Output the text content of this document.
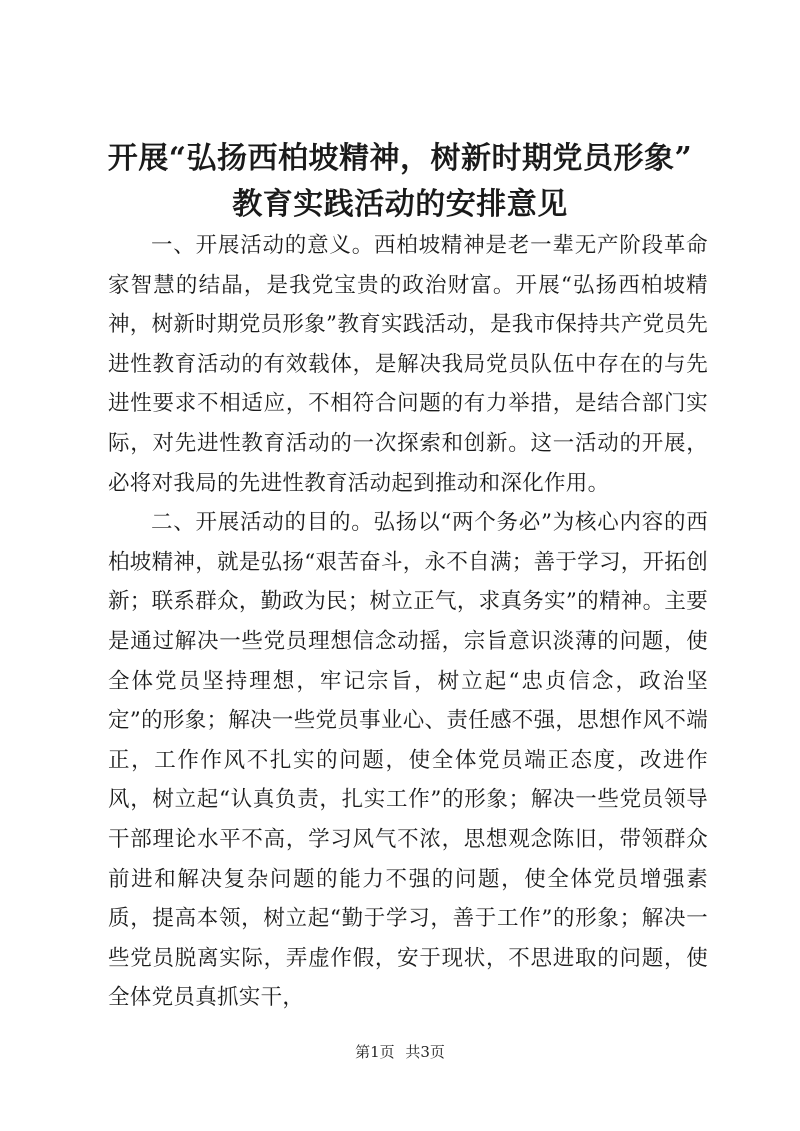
开展“弘扬西柏坡精神，树新时期党员形象”
教育实践活动的安排意见

一、开展活动的意义。西柏坡精神是老一辈无产阶段革命家智慧的结晶，是我党宝贵的政治财富。开展“弘扬西柏坡精神，树新时期党员形象”教育实践活动，是我市保持共产党员先进性教育活动的有效载体，是解决我局党员队伍中存在的与先进性要求不相适应，不相符合问题的有力举措，是结合部门实际，对先进性教育活动的一次探索和创新。这一活动的开展，必将对我局的先进性教育活动起到推动和深化作用。

二、开展活动的目的。弘扬以“两个务必”为核心内容的西柏坡精神，就是弘扬“艰苦奋斗，永不自满；善于学习，开拓创新；联系群众，勤政为民；树立正气，求真务实”的精神。主要是通过解决一些党员理想信念动摇，宗旨意识淡薄的问题，使全体党员坚持理想，牢记宗旨，树立起“忠贞信念，政治坚定”的形象；解决一些党员事业心、责任感不强，思想作风不端正，工作作风不扎实的问题，使全体党员端正态度，改进作风，树立起“认真负责，扎实工作”的形象；解决一些党员领导干部理论水平不高，学习风气不浓，思想观念陈旧，带领群众前进和解决复杂问题的能力不强的问题，使全体党员增强素质，提高本领，树立起“勤于学习，善于工作”的形象；解决一些党员脱离实际，弄虚作假，安于现状，不思进取的问题，使全体党员真抓实干，

第1页 共3页
